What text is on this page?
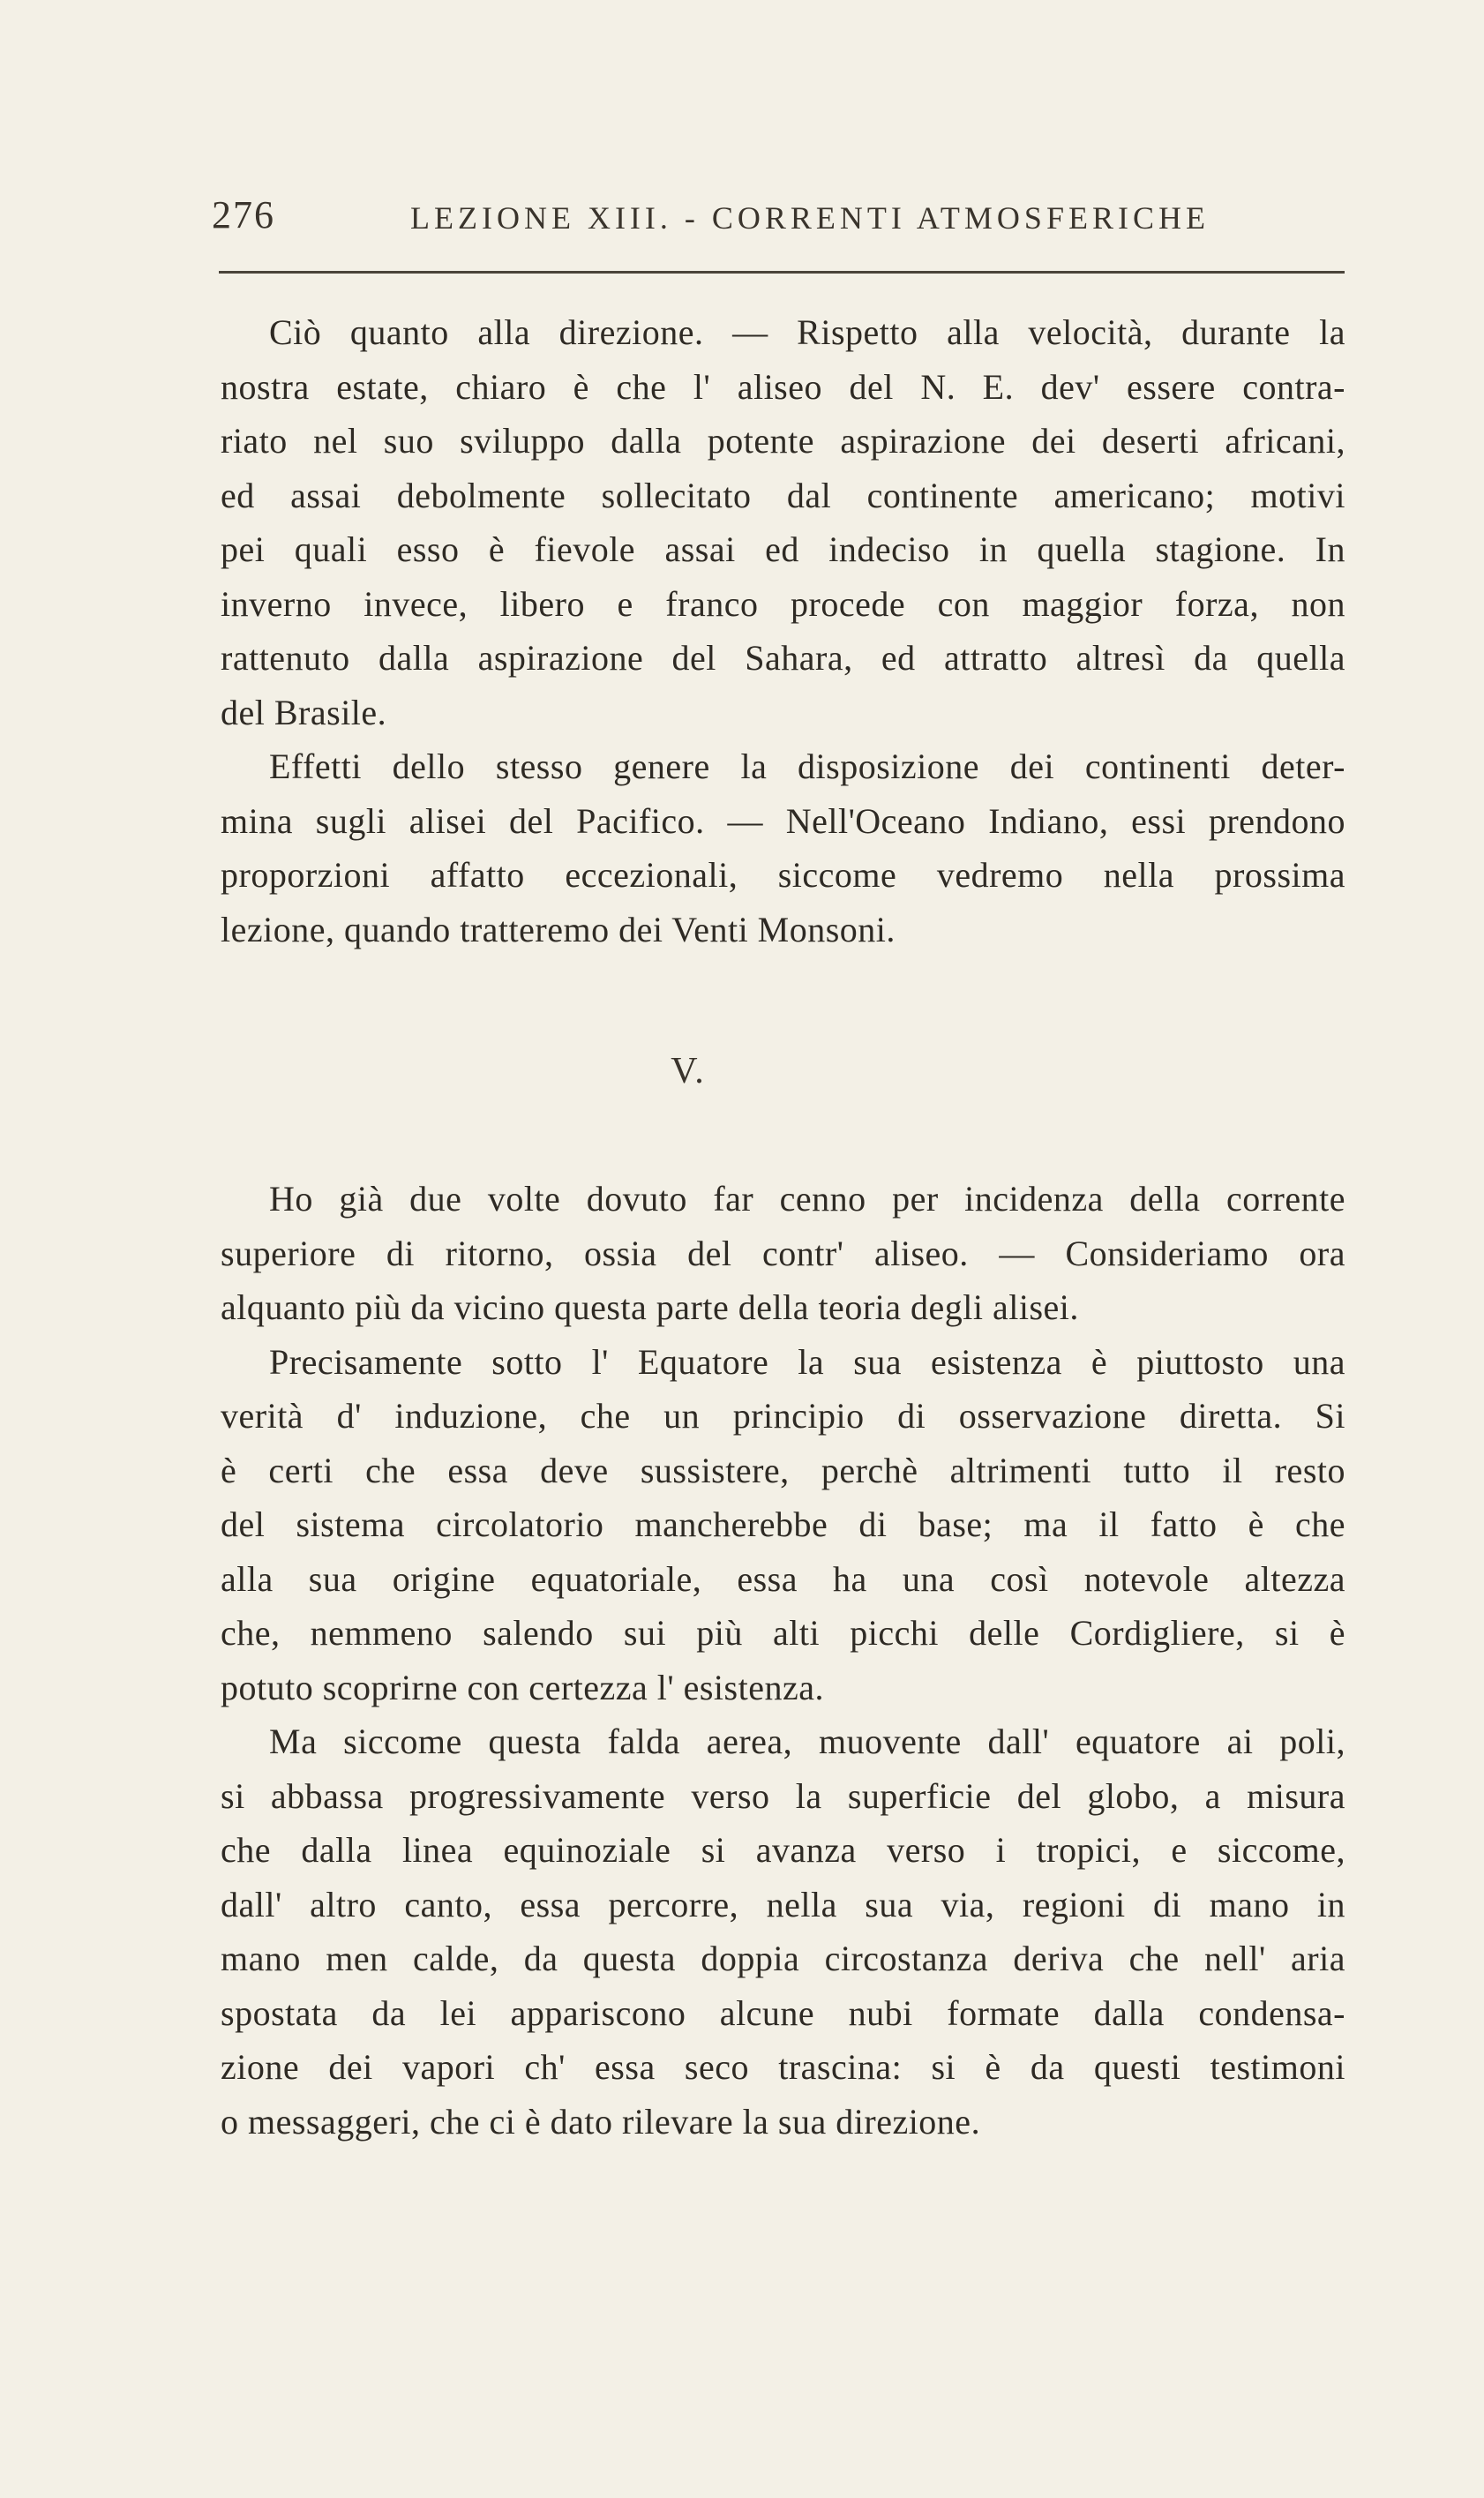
276	LEZIONE XIII. - CORRENTI ATMOSFERICHE
Ciò quanto alla direzione. — Rispetto alla velocità, durante la
nostra estate, chiaro è che l' aliseo del N. E. dev' essere contra-
riato nel suo sviluppo dalla potente aspirazione dei deserti africani,
ed assai debolmente sollecitato dal continente americano; motivi
pei quali esso è fievole assai ed indeciso in quella stagione. In
inverno invece, libero e franco procede con maggior forza, non
rattenuto dalla aspirazione del Sahara, ed attratto altresì da quella
del Brasile.
Effetti dello stesso genere la disposizione dei continenti deter-
mina sugli alisei del Pacifico. — Nell'Oceano Indiano, essi prendono
proporzioni affatto eccezionali, siccome vedremo nella prossima
lezione, quando tratteremo dei Venti Monsoni.
V.
Ho già due volte dovuto far cenno per incidenza della corrente
superiore di ritorno, ossia del contr' aliseo. — Consideriamo ora
alquanto più da vicino questa parte della teoria degli alisei.
Precisamente sotto l' Equatore la sua esistenza è piuttosto una
verità d' induzione, che un principio di osservazione diretta. Si
è certi che essa deve sussistere, perchè altrimenti tutto il resto
del sistema circolatorio mancherebbe di base; ma il fatto è che
alla sua origine equatoriale, essa ha una così notevole altezza
che, nemmeno salendo sui più alti picchi delle Cordigliere, si è
potuto scoprirne con certezza l' esistenza.
Ma siccome questa falda aerea, muovente dall' equatore ai poli,
si abbassa progressivamente verso la superficie del globo, a misura
che dalla linea equinoziale si avanza verso i tropici, e siccome,
dall' altro canto, essa percorre, nella sua via, regioni di mano in
mano men calde, da questa doppia circostanza deriva che nell' aria
spostata da lei appariscono alcune nubi formate dalla condensa-
zione dei vapori ch' essa seco trascina: si è da questi testimoni
o messaggeri, che ci è dato rilevare la sua direzione.
